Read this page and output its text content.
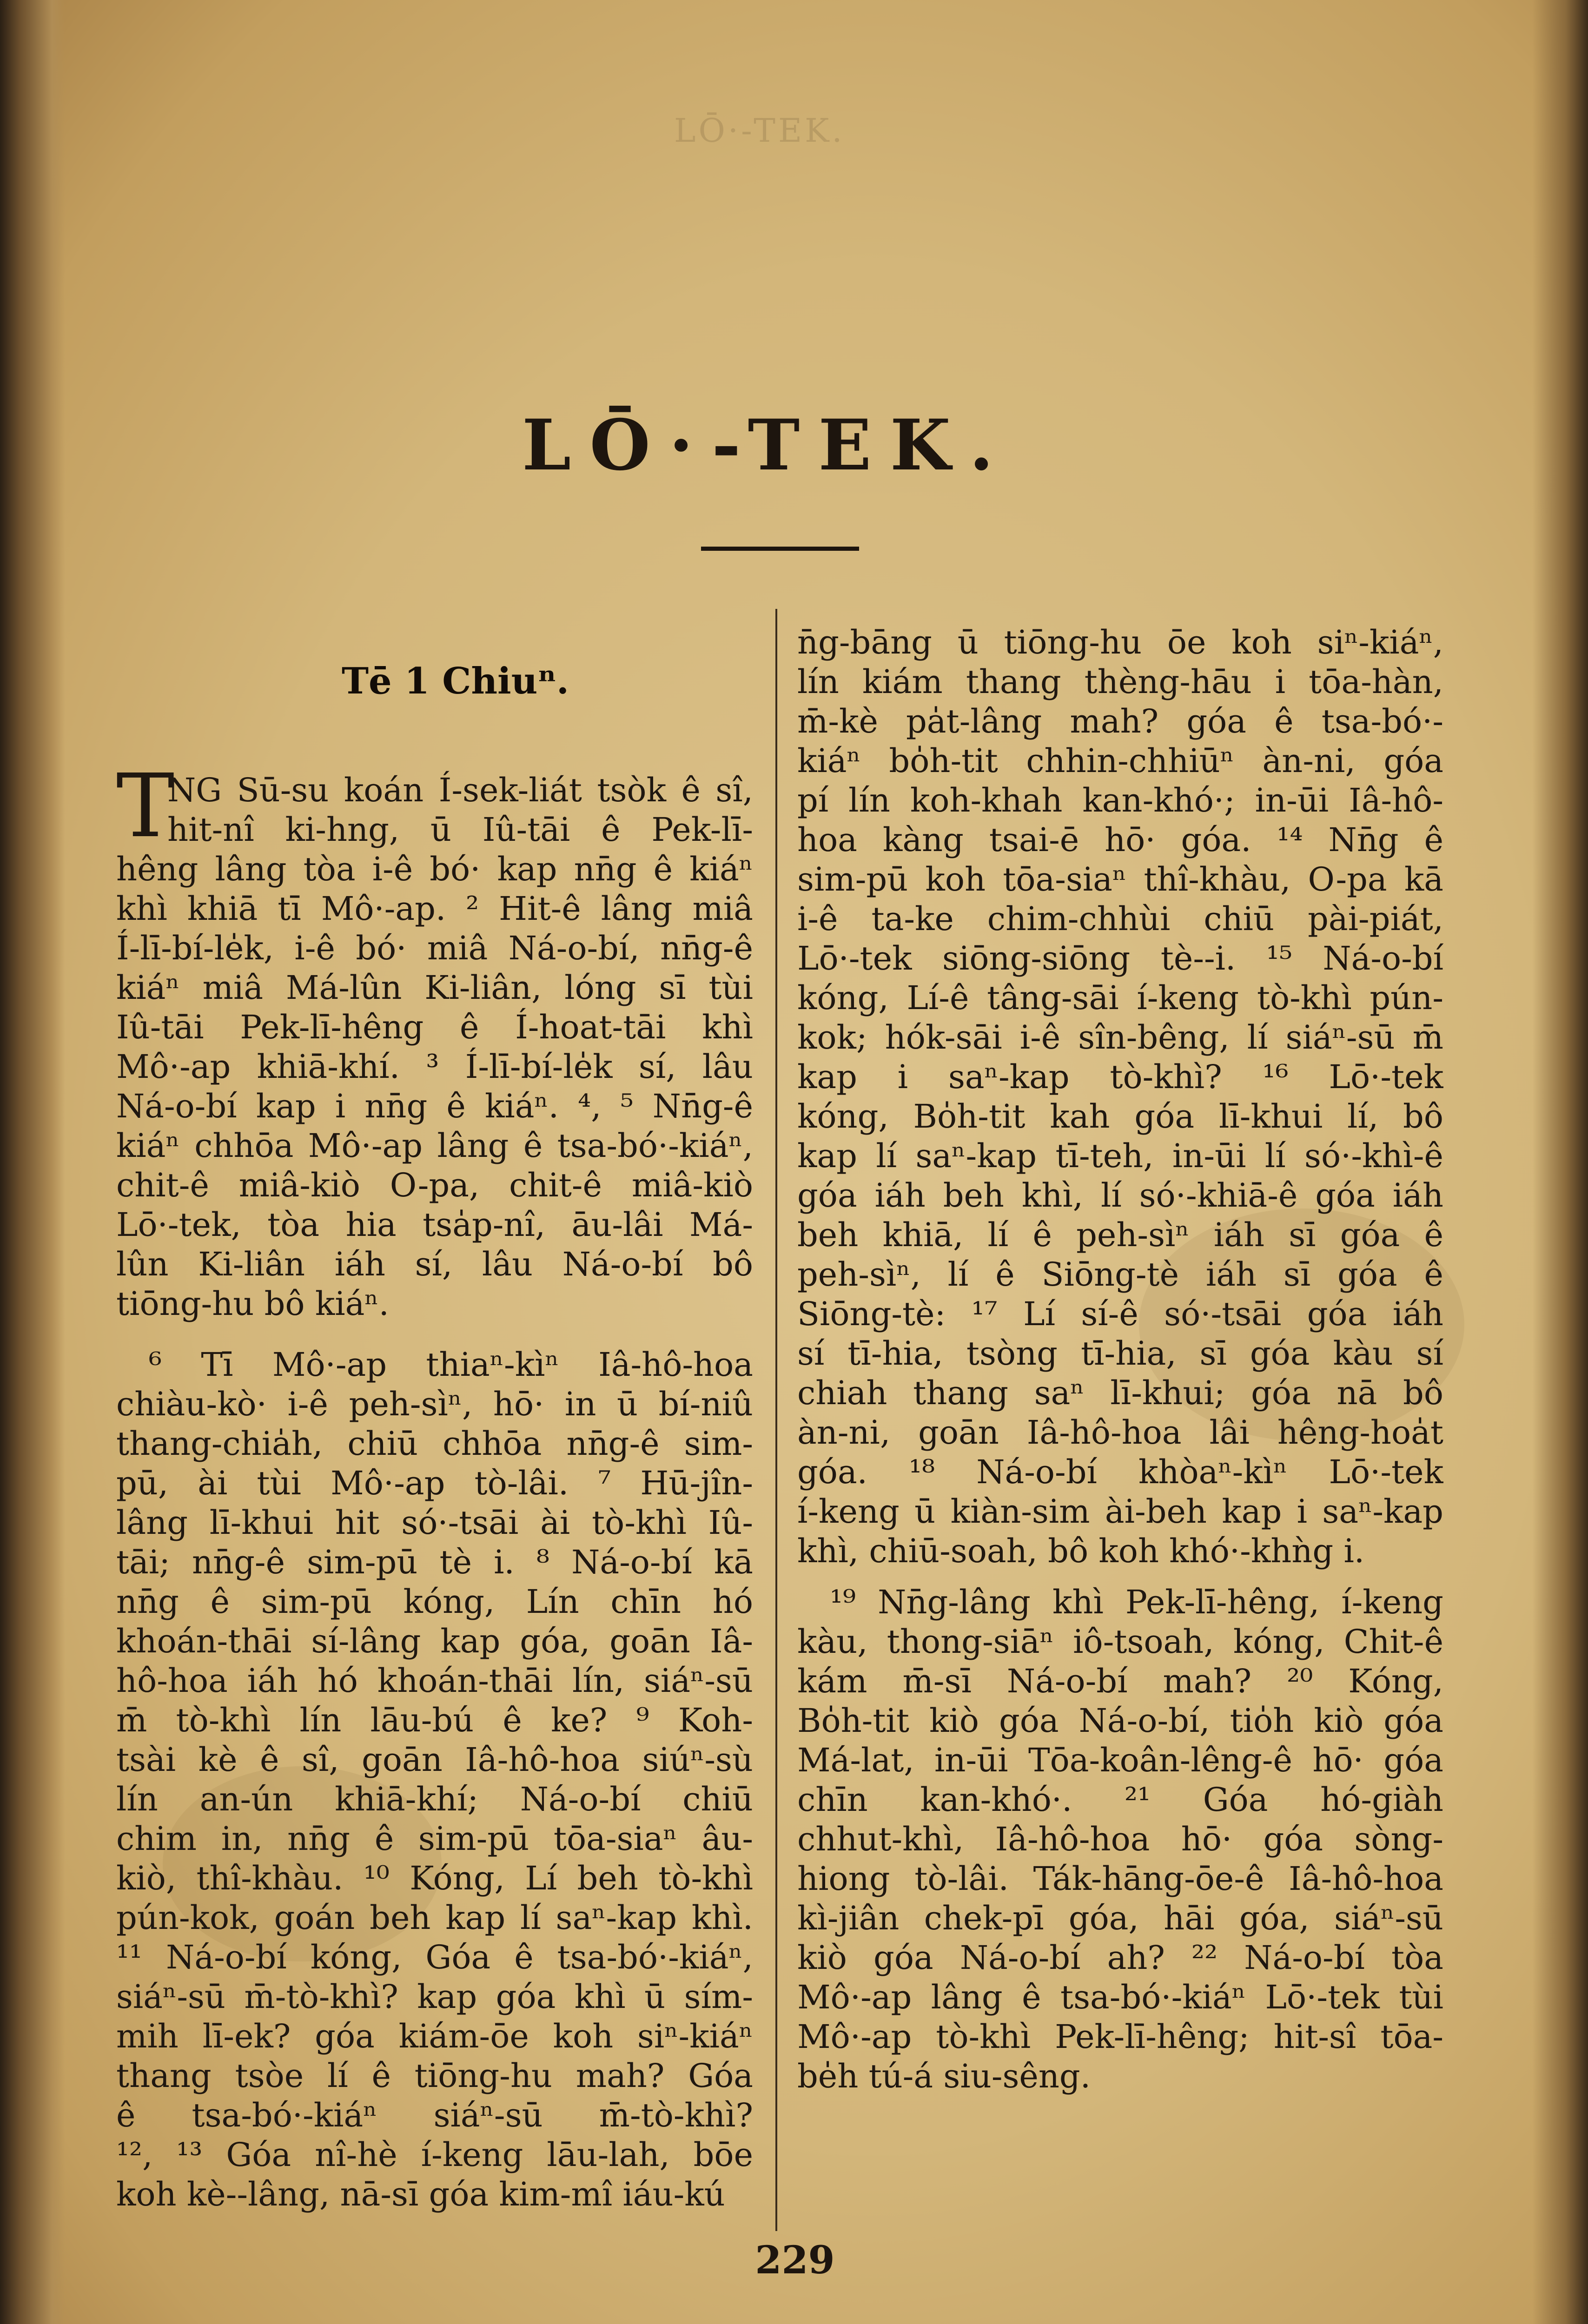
LŌ·-TEK.
LŌ·-TEK.
Tē 1 Chiuⁿ.
T
NG Sū-su koán Í-sek-liát tsòk ê sî,
hit-nî ki-hng, ū Iû-tāi ê Pek-lī-
hêng lâng tòa i-ê bó· kap nn̄g ê kiáⁿ
khì khiā tī Mô·-ap. ² Hit-ê lâng miâ
Í-lī-bí-le̍k, i-ê bó· miâ Ná-o-bí, nn̄g-ê
kiáⁿ miâ Má-lûn Ki-liân, lóng sī tùi
Iû-tāi Pek-lī-hêng ê Í-hoat-tāi khì
Mô·-ap khiā-khí. ³ Í-lī-bí-le̍k sí, lâu
Ná-o-bí kap i nn̄g ê kiáⁿ. ⁴, ⁵ Nn̄g-ê
kiáⁿ chhōa Mô·-ap lâng ê tsa-bó·-kiáⁿ,
chit-ê miâ-kiò O-pa, chit-ê miâ-kiò
Lō·-tek, tòa hia tsa̍p-nî, āu-lâi Má-
lûn Ki-liân iáh sí, lâu Ná-o-bí bô
tiōng-hu bô kiáⁿ.
⁶ Tī Mô·-ap thiaⁿ-kìⁿ Iâ-hô-hoa
chiàu-kò· i-ê peh-sìⁿ, hō· in ū bí-niû
thang-chia̍h, chiū chhōa nn̄g-ê sim-
pū, ài tùi Mô·-ap tò-lâi. ⁷ Hū-jîn-
lâng lī-khui hit só·-tsāi ài tò-khì Iû-
tāi; nn̄g-ê sim-pū tè i. ⁸ Ná-o-bí kā
nn̄g ê sim-pū kóng, Lín chīn hó
khoán-thāi sí-lâng kap góa, goān Iâ-
hô-hoa iáh hó khoán-thāi lín, siáⁿ-sū
m̄ tò-khì lín lāu-bú ê ke? ⁹ Koh-
tsài kè ê sî, goān Iâ-hô-hoa siúⁿ-sù
lín an-ún khiā-khí; Ná-o-bí chiū
chim in, nn̄g ê sim-pū tōa-siaⁿ âu-
kiò, thî-khàu. ¹⁰ Kóng, Lí beh tò-khì
pún-kok, goán beh kap lí saⁿ-kap khì.
¹¹ Ná-o-bí kóng, Góa ê tsa-bó·-kiáⁿ,
siáⁿ-sū m̄-tò-khì? kap góa khì ū sím-
mih lī-ek? góa kiám-ōe koh siⁿ-kiáⁿ
thang tsòe lí ê tiōng-hu mah? Góa
ê tsa-bó·-kiáⁿ siáⁿ-sū m̄-tò-khì?
¹², ¹³ Góa nî-hè í-keng lāu-lah, bōe
koh kè--lâng, nā-sī góa kim-mî iáu-kú
n̄g-bāng ū tiōng-hu ōe koh siⁿ-kiáⁿ,
lín kiám thang thèng-hāu i tōa-hàn,
m̄-kè pa̍t-lâng mah? góa ê tsa-bó·-
kiáⁿ bo̍h-tit chhin-chhiūⁿ àn-ni, góa
pí lín koh-khah kan-khó·; in-ūi Iâ-hô-
hoa kàng tsai-ē hō· góa. ¹⁴ Nn̄g ê
sim-pū koh tōa-siaⁿ thî-khàu, O-pa kā
i-ê ta-ke chim-chhùi chiū pài-piát,
Lō·-tek siōng-siōng tè--i. ¹⁵ Ná-o-bí
kóng, Lí-ê tâng-sāi í-keng tò-khì pún-
kok; hók-sāi i-ê sîn-bêng, lí siáⁿ-sū m̄
kap i saⁿ-kap tò-khì? ¹⁶ Lō·-tek
kóng, Bo̍h-tit kah góa lī-khui lí, bô
kap lí saⁿ-kap tī-teh, in-ūi lí só·-khì-ê
góa iáh beh khì, lí só·-khiā-ê góa iáh
beh khiā, lí ê peh-sìⁿ iáh sī góa ê
peh-sìⁿ, lí ê Siōng-tè iáh sī góa ê
Siōng-tè: ¹⁷ Lí sí-ê só·-tsāi góa iáh
sí tī-hia, tsòng tī-hia, sī góa kàu sí
chiah thang saⁿ lī-khui; góa nā bô
àn-ni, goān Iâ-hô-hoa lâi hêng-hoa̍t
góa. ¹⁸ Ná-o-bí khòaⁿ-kìⁿ Lō·-tek
í-keng ū kiàn-sim ài-beh kap i saⁿ-kap
khì, chiū-soah, bô koh khó·-khǹg i.
¹⁹ Nn̄g-lâng khì Pek-lī-hêng, í-keng
kàu, thong-siāⁿ iô-tsoah, kóng, Chit-ê
kám m̄-sī Ná-o-bí mah? ²⁰ Kóng,
Bo̍h-tit kiò góa Ná-o-bí, tio̍h kiò góa
Má-lat, in-ūi Tōa-koân-lêng-ê hō· góa
chīn kan-khó·. ²¹ Góa hó-giàh
chhut-khì, Iâ-hô-hoa hō· góa sòng-
hiong tò-lâi. Ták-hāng-ōe-ê Iâ-hô-hoa
kì-jiân chek-pī góa, hāi góa, siáⁿ-sū
kiò góa Ná-o-bí ah? ²² Ná-o-bí tòa
Mô·-ap lâng ê tsa-bó·-kiáⁿ Lō·-tek tùi
Mô·-ap tò-khì Pek-lī-hêng; hit-sî tōa-
be̍h tú-á siu-sêng.
229
